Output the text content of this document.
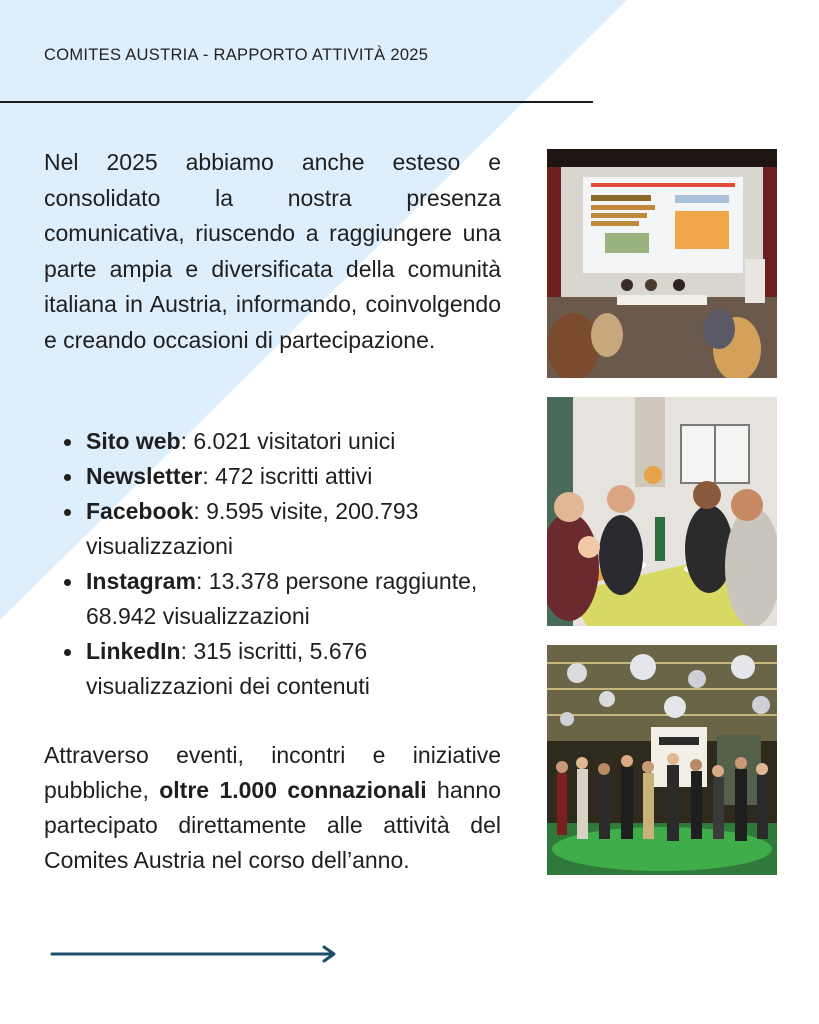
COMITES AUSTRIA - RAPPORTO ATTIVITÀ 2025

Nel 2025 abbiamo anche esteso e consolidato la nostra presenza comunicativa, riuscendo a raggiungere una parte ampia e diversificata della comunità italiana in Austria, informando, coinvolgendo e creando occasioni di partecipazione.

Sito web: 6.021 visitatori unici
Newsletter: 472 iscritti attivi
Facebook: 9.595 visite, 200.793 visualizzazioni
Instagram: 13.378 persone raggiunte, 68.942 visualizzazioni
LinkedIn: 315 iscritti, 5.676 visualizzazioni dei contenuti

Attraverso eventi, incontri e iniziative pubbliche, oltre 1.000 connazionali hanno partecipato direttamente alle attività del Comites Austria nel corso dell’anno.
